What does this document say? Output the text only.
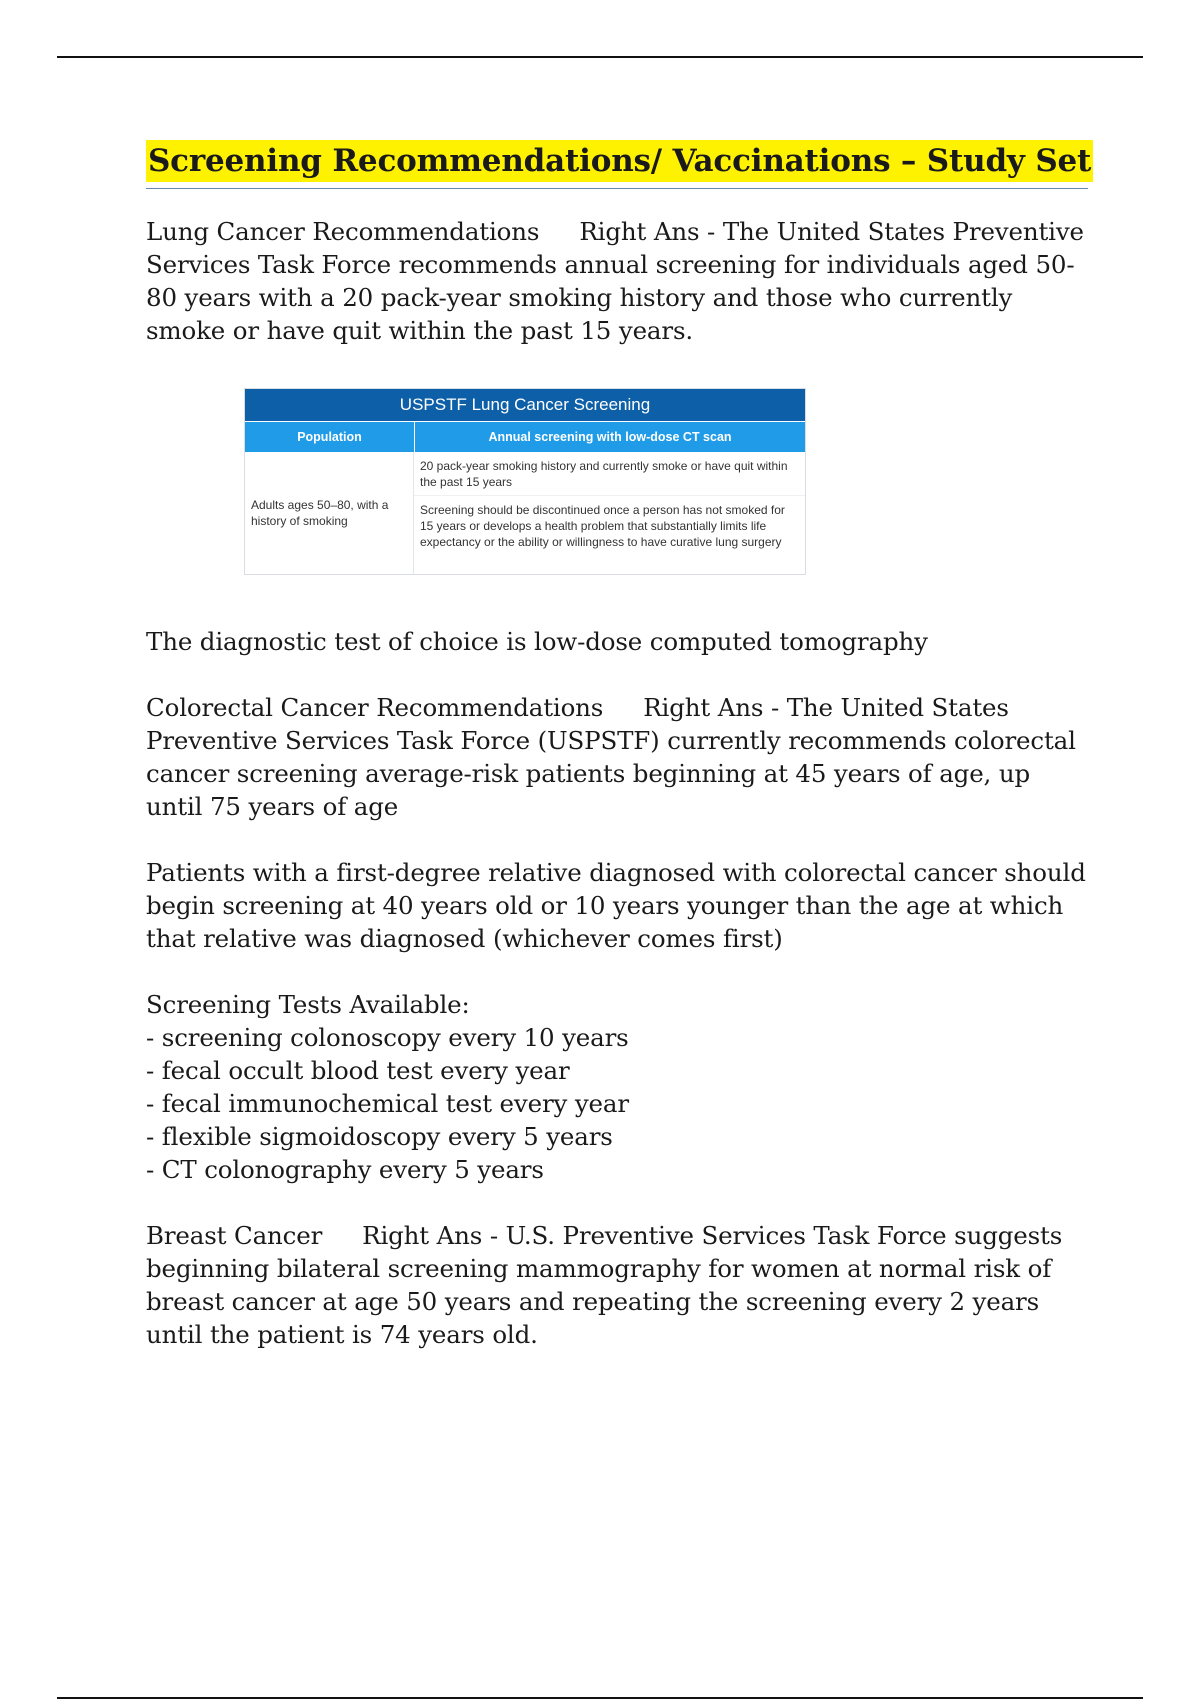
Screening Recommendations/ Vaccinations – Study Set

Lung Cancer Recommendations Right Ans - The United States Preventive Services Task Force recommends annual screening for individuals aged 50-80 years with a 20 pack-year smoking history and those who currently smoke or have quit within the past 15 years.

USPSTF Lung Cancer Screening
Population	Annual screening with low-dose CT scan
Adults ages 50–80, with a history of smoking
20 pack-year smoking history and currently smoke or have quit within the past 15 years
Screening should be discontinued once a person has not smoked for 15 years or develops a health problem that substantially limits life expectancy or the ability or willingness to have curative lung surgery

The diagnostic test of choice is low-dose computed tomography

Colorectal Cancer Recommendations Right Ans - The United States Preventive Services Task Force (USPSTF) currently recommends colorectal cancer screening average-risk patients beginning at 45 years of age, up until 75 years of age

Patients with a first-degree relative diagnosed with colorectal cancer should begin screening at 40 years old or 10 years younger than the age at which that relative was diagnosed (whichever comes first)

Screening Tests Available:

- screening colonoscopy every 10 years

- fecal occult blood test every year

- fecal immunochemical test every year

- flexible sigmoidoscopy every 5 years

- CT colonography every 5 years

Breast Cancer Right Ans - U.S. Preventive Services Task Force suggests beginning bilateral screening mammography for women at normal risk of breast cancer at age 50 years and repeating the screening every 2 years until the patient is 74 years old.
